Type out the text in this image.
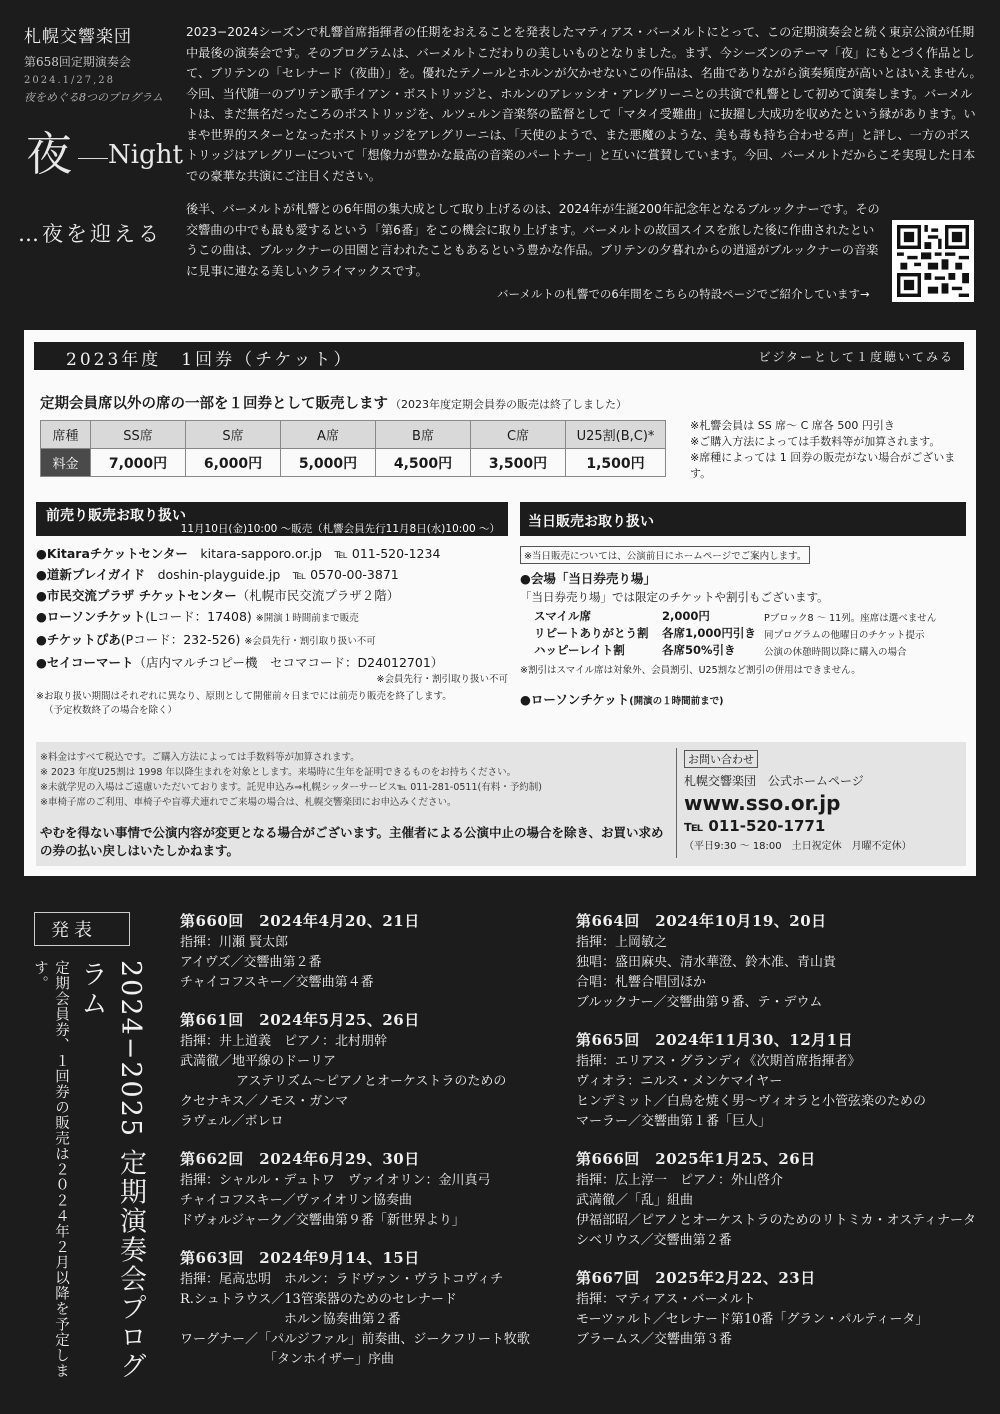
札幌交響楽団
第658回定期演奏会
2024.1/27,28
夜をめぐる8つのプログラム
夜 Night
…夜を迎える

2023−2024シーズンで札響首席指揮者の任期をおえることを発表したマティアス・バーメルトにとって、この定期演奏会と続く東京公演が任期中最後の演奏会です。そのプログラムは、バーメルトこだわりの美しいものとなりました。まず、今シーズンのテーマ「夜」にもとづく作品として、ブリテンの「セレナード（夜曲）」を。優れたテノールとホルンが欠かせないこの作品は、名曲でありながら演奏頻度が高いとはいえません。今回、当代随一のブリテン歌手イアン・ボストリッジと、ホルンのアレッシオ・アレグリーニとの共演で札響として初めて演奏します。バーメルトは、まだ無名だったころのボストリッジを、ルツェルン音楽祭の監督として「マタイ受難曲」に抜擢し大成功を収めたという縁があります。いまや世界的スターとなったボストリッジをアレグリーニは、「天使のようで、また悪魔のような、美も毒も持ち合わせる声」と評し、一方のボストリッジはアレグリーについて「想像力が豊かな最高の音楽のパートナー」と互いに賞賛しています。今回、バーメルトだからこそ実現した日本での豪華な共演にご注目ください。

後半、バーメルトが札響との6年間の集大成として取り上げるのは、2024年が生誕200年記念年となるブルックナーです。その交響曲の中でも最も愛するという「第6番」をこの機会に取り上げます。バーメルトの故国スイスを旅した後に作曲されたというこの曲は、ブルックナーの田園と言われたこともあるという豊かな作品。ブリテンの夕暮れからの逍遥がブルックナーの音楽に見事に連なる美しいクライマックスです。

バーメルトの札響での6年間をこちらの特設ページでご紹介しています→
2023年度　1回券（チケット）	ビジターとして１度聴いてみる
定期会員席以外の席の一部を１回券として販売します （2023年度定期会員券の販売は終了しました）
席種	SS席	S席	A席	B席	C席	U25割(B,C)*
料金	7,000円	6,000円	5,000円	4,500円	3,500円	1,500円
※札響会員は SS 席〜 C 席各 500 円引き
※ご購入方法によっては手数料等が加算されます。
※席種によっては 1 回券の販売がない場合がございます。
前売り販売お取り扱い
11月10日(金)10:00 〜販売（札響会員先行11月8日(水)10:00 〜）
●Kitaraチケットセンター　 kitara-sapporo.or.jp　℡ 011-520-1234
●道新プレイガイド　 doshin-playguide.jp　℡ 0570-00-3871
●市民交流プラザ チケットセンター（札幌市民交流プラザ２階）
●ローソンチケット(Lコード：17408) ※開演１時間前まで販売
●チケットぴあ(Pコード：232-526) ※会員先行・割引取り扱い不可
●セイコーマート（店内マルチコピー機　セコマコード：D24012701）
※会員先行・割引取り扱い不可
※お取り扱い期間はそれぞれに異なり、原則として開催前々日までには前売り販売を終了します。
（予定枚数終了の場合を除く）
当日販売お取り扱い
※当日販売については、公演前日にホームページでご案内します。
●会場「当日券売り場」
「当日券売り場」では限定のチケットや割引もございます。
スマイル席	2,000円	Pブロック8 〜 11列。座席は選べません
リピートありがとう割 各席1,000円引き 同プログラムの他曜日のチケット提示
ハッピーレイト割	各席50%引き	公演の休憩時間以降に購入の場合
※割引はスマイル席は対象外、会員割引、U25割など割引の併用はできません。
●ローソンチケット(開演の１時間前まで)
※料金はすべて税込です。ご購入方法によっては手数料等が加算されます。
※ 2023 年度U25割は 1998 年以降生まれを対象とします。来場時に生年を証明できるものをお持ちください。
※未就学児の入場はご遠慮いただいております。託児申込み⇒札幌シッターサービス℡ 011-281-0511(有料・予約制)
※車椅子席のご利用、車椅子や盲導犬連れでご来場の場合は、札幌交響楽団にお申込みください。
やむを得ない事情で公演内容が変更となる場合がございます。主催者による公演中止の場合を除き、お買い求めの券の払い戻しはいたしかねます。
お問い合わせ
札幌交響楽団　公式ホームページ
www.sso.or.jp
℡ 011-520-1771
（平日9:30 〜 18:00　土日祝定休　月曜不定休）
発表
2024−2025 定期演奏会プログラム
定期会員券、１回券の販売は２０２４年２月以降を予定します。
第660回　2024年4月20、21日
指揮：川瀬 賢太郎
アイヴズ／交響曲第２番
チャイコフスキー／交響曲第４番
第661回　2024年5月25、26日
指揮：井上道義　ピアノ：北村朋幹
武満徹／地平線のドーリア
アステリズム〜ピアノとオーケストラのための
クセナキス／ノモス・ガンマ
ラヴェル／ボレロ
第662回　2024年6月29、30日
指揮：シャルル・デュトワ　ヴァイオリン：金川真弓
チャイコフスキー／ヴァイオリン協奏曲
ドヴォルジャーク／交響曲第９番「新世界より」
第663回　2024年9月14、15日
指揮：尾高忠明　ホルン：ラドヴァン・ヴラトコヴィチ
R.シュトラウス／13管楽器のためのセレナード
ホルン協奏曲第２番
ワーグナー／「パルジファル」前奏曲、ジークフリート牧歌
「タンホイザー」序曲
第664回　2024年10月19、20日
指揮：上岡敏之
独唱：盛田麻央、清水華澄、鈴木准、青山貴
合唱：札響合唱団ほか
ブルックナー／交響曲第９番、テ・デウム
第665回　2024年11月30、12月1日
指揮：エリアス・グランディ《次期首席指揮者》
ヴィオラ：ニルス・メンケマイヤー
ヒンデミット／白鳥を焼く男〜ヴィオラと小管弦楽のための
マーラー／交響曲第１番「巨人」
第666回　2025年1月25、26日
指揮：広上淳一　ピアノ：外山啓介
武満徹／「乱」組曲
伊福部昭／ピアノとオーケストラのためのリトミカ・オスティナータ
シベリウス／交響曲第２番
第667回　2025年2月22、23日
指揮：マティアス・バーメルト
モーツァルト／セレナード第10番「グラン・パルティータ」
ブラームス／交響曲第３番
